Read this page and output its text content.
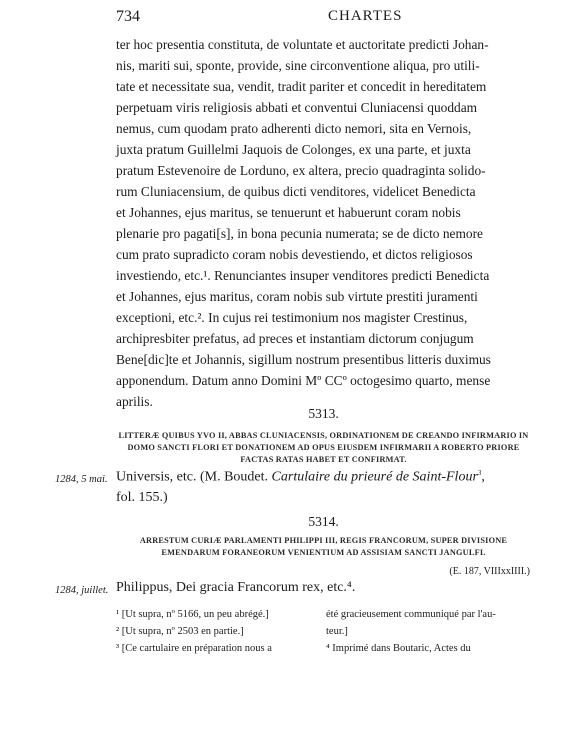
734	CHARTES
ter hoc presentia constituta, de voluntate et auctoritate predicti Johan-
nis, mariti sui, sponte, provide, sine circonventione aliqua, pro utili-
tate et necessitate sua, vendit, tradit pariter et concedit in hereditatem
perpetuam viris religiosis abbati et conventui Cluniacensi quoddam
nemus, cum quodam prato adherenti dicto nemori, sita en Vernois,
juxta pratum Guillelmi Jaquois de Colonges, ex una parte, et juxta
pratum Estevenoire de Lorduno, ex altera, precio quadraginta solido-
rum Cluniacensium, de quibus dicti venditores, videlicet Benedicta
et Johannes, ejus maritus, se tenuerunt et habuerunt coram nobis
plenarie pro pagati[s], in bona pecunia numerata; se de dicto nemore
cum prato supradicto coram nobis devestiendo, et dictos religiosos
investiendo, etc.¹. Renunciantes insuper venditores predicti Benedicta
et Johannes, ejus maritus, coram nobis sub virtute prestiti juramenti
exceptioni, etc.². In cujus rei testimonium nos magister Crestinus,
archipresbiter prefatus, ad preces et instantiam dictorum conjugum
Bene[dic]te et Johannis, sigillum nostrum presentibus litteris duximus
apponendum. Datum anno Domini Mº CCº octogesimo quarto, mense
aprilis.
5313.
LITTERÆ QUIBUS YVO II, ABBAS CLUNIACENSIS, ORDINATIONEM DE CREANDO INFIRMARIO IN
DOMO SANCTI FLORI ET DONATIONEM AD OPUS EIUSDEM INFIRMARII A ROBERTO PRIORE
FACTAS RATAS HABET ET CONFIRMAT.
1284, 5 mai. Universis, etc. (M. Boudet. Cartulaire du prieuré de Saint-Flour$^3$,
fol. 155.)
5314.
ARRESTUM CURIÆ PARLAMENTI PHILIPPI III, REGIS FRANCORUM, SUPER DIVISIONE
EMENDARUM FORANEORUM VENIENTIUM AD ASSISIAM SANCTI JANGULFI.
(E. 187, VIIIxxIIII.)
1284, juillet. Philippus, Dei gracia Francorum rex, etc.⁴.
¹ [Ut supra, nº 5166, un peu abrégé.]
² [Ut supra, nº 2503 en partie.]
³ [Ce cartulaire en préparation nous a
été gracieusement communiqué par l'au-
teur.]
⁴ Imprimé dans Boutaric, Actes du
